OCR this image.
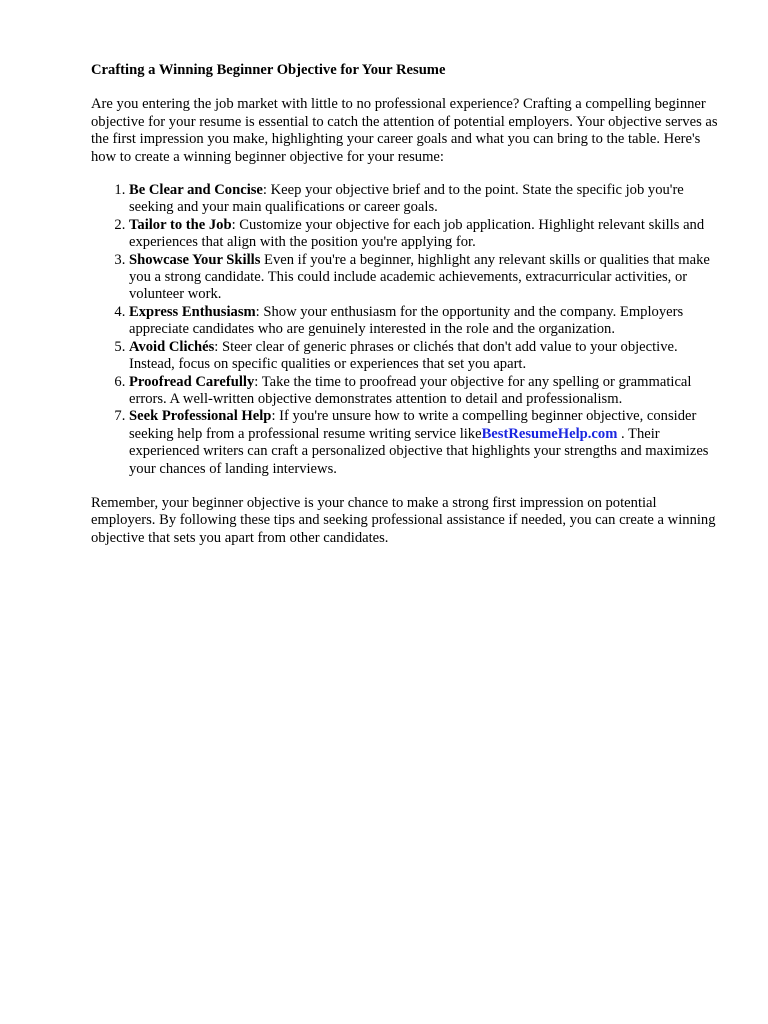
Crafting a Winning Beginner Objective for Your Resume

Are you entering the job market with little to no professional experience? Crafting a compelling beginner objective for your resume is essential to catch the attention of potential employers. Your objective serves as the first impression you make, highlighting your career goals and what you can bring to the table. Here's how to create a winning beginner objective for your resume:

1. Be Clear and Concise: Keep your objective brief and to the point. State the specific job you're seeking and your main qualifications or career goals.
2. Tailor to the Job: Customize your objective for each job application. Highlight relevant skills and experiences that align with the position you're applying for.
3. Showcase Your Skills Even if you're a beginner, highlight any relevant skills or qualities that make you a strong candidate. This could include academic achievements, extracurricular activities, or volunteer work.
4. Express Enthusiasm: Show your enthusiasm for the opportunity and the company. Employers appreciate candidates who are genuinely interested in the role and the organization.
5. Avoid Clichés: Steer clear of generic phrases or clichés that don't add value to your objective. Instead, focus on specific qualities or experiences that set you apart.
6. Proofread Carefully: Take the time to proofread your objective for any spelling or grammatical errors. A well-written objective demonstrates attention to detail and professionalism.
7. Seek Professional Help: If you're unsure how to write a compelling beginner objective, consider seeking help from a professional resume writing service likeBestResumeHelp.com . Their experienced writers can craft a personalized objective that highlights your strengths and maximizes your chances of landing interviews.

Remember, your beginner objective is your chance to make a strong first impression on potential employers. By following these tips and seeking professional assistance if needed, you can create a winning objective that sets you apart from other candidates.
